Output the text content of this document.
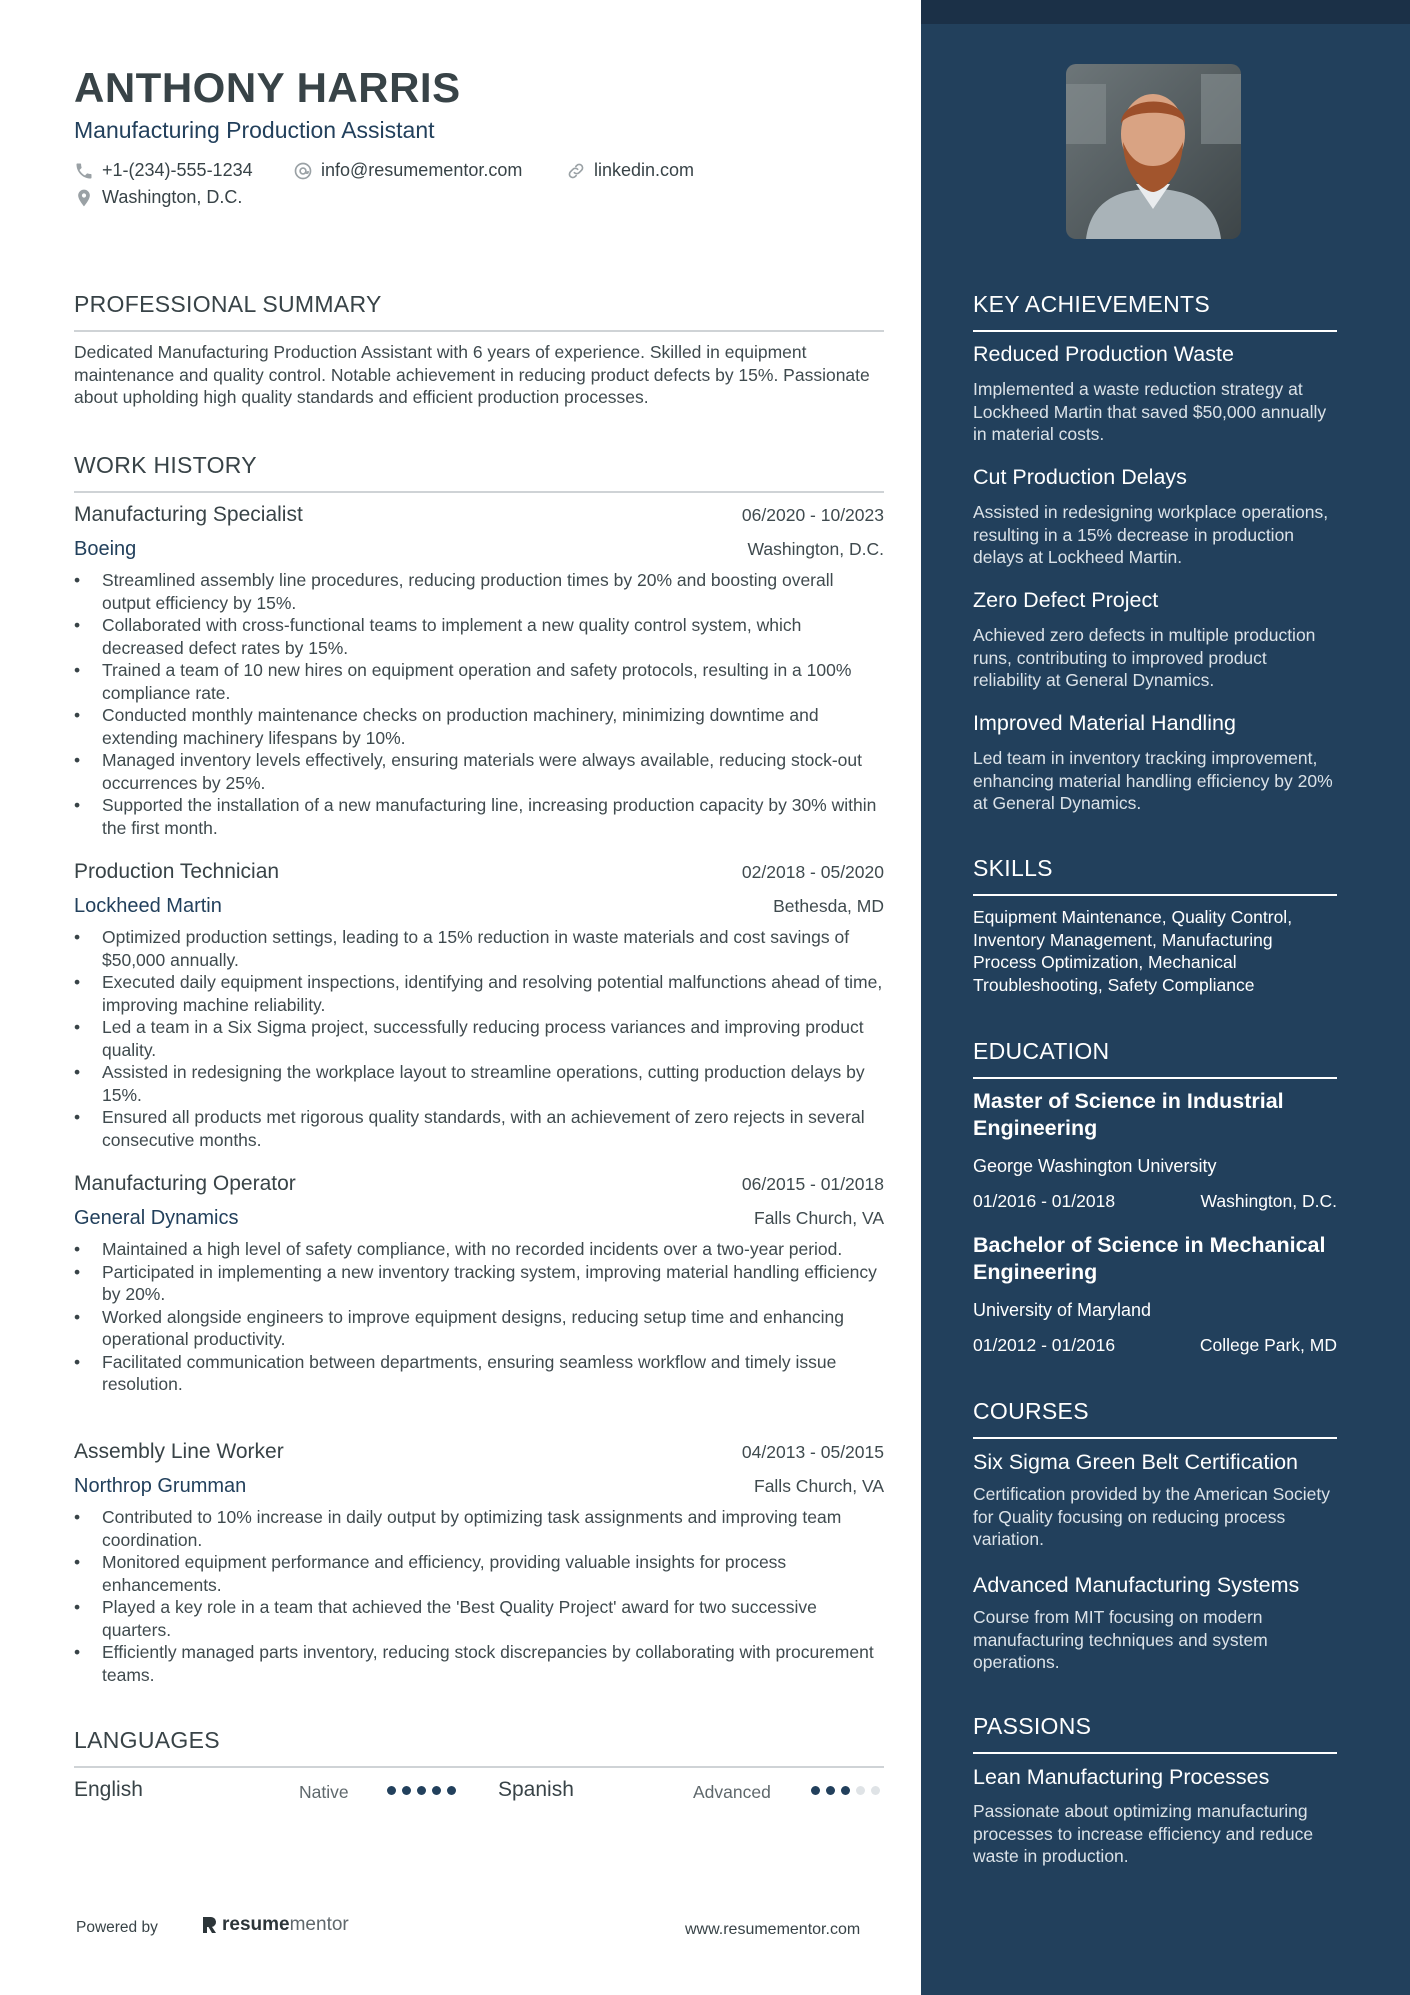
ANTHONY HARRIS
Manufacturing Production Assistant
+1-(234)-555-1234	info@resumementor.com	linkedin.com
Washington, D.C.
PROFESSIONAL SUMMARY
Dedicated Manufacturing Production Assistant with 6 years of experience. Skilled in equipment maintenance and quality control. Notable achievement in reducing product defects by 15%. Passionate about upholding high quality standards and efficient production processes.
WORK HISTORY
Manufacturing Specialist	06/2020 - 10/2023
Boeing	Washington, D.C.
• Streamlined assembly line procedures, reducing production times by 20% and boosting overall output efficiency by 15%.
• Collaborated with cross-functional teams to implement a new quality control system, which decreased defect rates by 15%.
• Trained a team of 10 new hires on equipment operation and safety protocols, resulting in a 100% compliance rate.
• Conducted monthly maintenance checks on production machinery, minimizing downtime and extending machinery lifespans by 10%.
• Managed inventory levels effectively, ensuring materials were always available, reducing stock-out occurrences by 25%.
• Supported the installation of a new manufacturing line, increasing production capacity by 30% within the first month.
Production Technician	02/2018 - 05/2020
Lockheed Martin	Bethesda, MD
• Optimized production settings, leading to a 15% reduction in waste materials and cost savings of $50,000 annually.
• Executed daily equipment inspections, identifying and resolving potential malfunctions ahead of time, improving machine reliability.
• Led a team in a Six Sigma project, successfully reducing process variances and improving product quality.
• Assisted in redesigning the workplace layout to streamline operations, cutting production delays by 15%.
• Ensured all products met rigorous quality standards, with an achievement of zero rejects in several consecutive months.
Manufacturing Operator	06/2015 - 01/2018
General Dynamics	Falls Church, VA
• Maintained a high level of safety compliance, with no recorded incidents over a two-year period.
• Participated in implementing a new inventory tracking system, improving material handling efficiency by 20%.
• Worked alongside engineers to improve equipment designs, reducing setup time and enhancing operational productivity.
• Facilitated communication between departments, ensuring seamless workflow and timely issue resolution.
Assembly Line Worker	04/2013 - 05/2015
Northrop Grumman	Falls Church, VA
• Contributed to 10% increase in daily output by optimizing task assignments and improving team coordination.
• Monitored equipment performance and efficiency, providing valuable insights for process enhancements.
• Played a key role in a team that achieved the 'Best Quality Project' award for two successive quarters.
• Efficiently managed parts inventory, reducing stock discrepancies by collaborating with procurement teams.
LANGUAGES
English	Native	Spanish	Advanced
Powered by	resume mentor	www.resumementor.com
KEY ACHIEVEMENTS
Reduced Production Waste
Implemented a waste reduction strategy at Lockheed Martin that saved $50,000 annually in material costs.
Cut Production Delays
Assisted in redesigning workplace operations, resulting in a 15% decrease in production delays at Lockheed Martin.
Zero Defect Project
Achieved zero defects in multiple production runs, contributing to improved product reliability at General Dynamics.
Improved Material Handling
Led team in inventory tracking improvement, enhancing material handling efficiency by 20% at General Dynamics.
SKILLS
Equipment Maintenance, Quality Control, Inventory Management, Manufacturing Process Optimization, Mechanical Troubleshooting, Safety Compliance
EDUCATION
Master of Science in Industrial Engineering
George Washington University
01/2016 - 01/2018	Washington, D.C.
Bachelor of Science in Mechanical Engineering
University of Maryland
01/2012 - 01/2016	College Park, MD
COURSES
Six Sigma Green Belt Certification
Certification provided by the American Society for Quality focusing on reducing process variation.
Advanced Manufacturing Systems
Course from MIT focusing on modern manufacturing techniques and system operations.
PASSIONS
Lean Manufacturing Processes
Passionate about optimizing manufacturing processes to increase efficiency and reduce waste in production.
